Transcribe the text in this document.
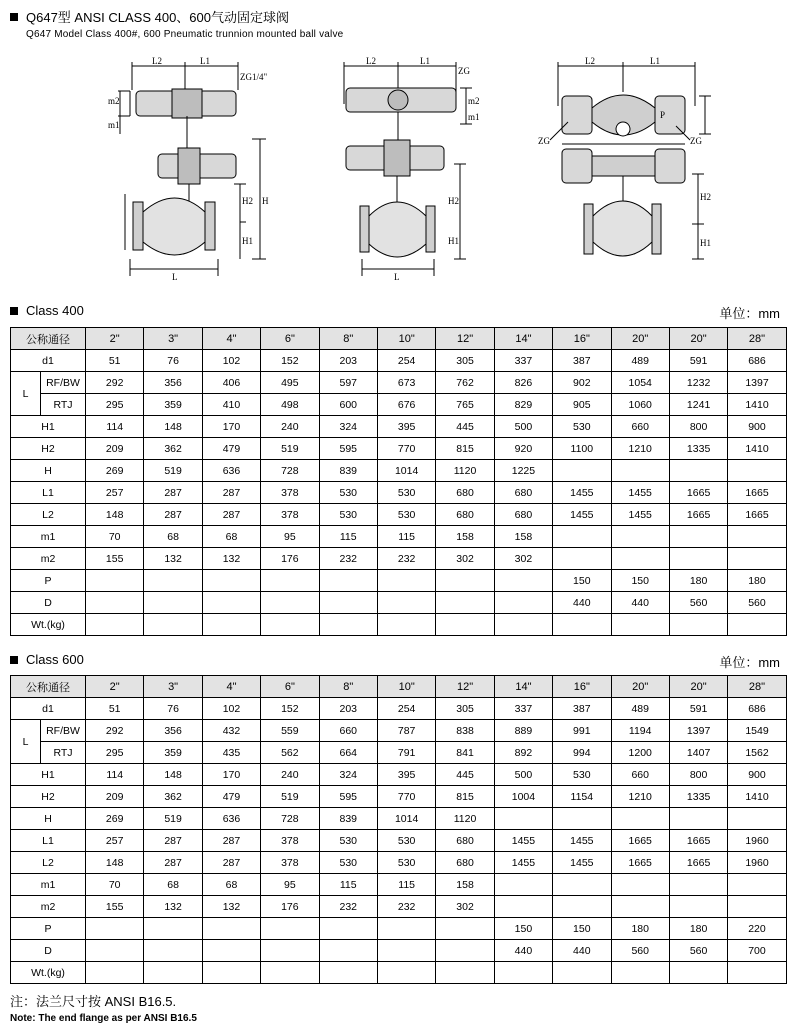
Q647型 ANSI CLASS 400、600气动固定球阀
Q647 Model Class 400#, 600 Pneumatic trunnion mounted ball valve
L2	L1
ZG1/4"
m2
m1
H
H2
H1
L
L2	L1
ZG
m2
m1
H2
H1
L
L2	L1
P
ZG	ZG
H2
H1
Class 400	单位：mm
公称通径		2"	3"	4"	6"	8"	10"	12"	14"	16"	20"	20"	28"
d1		51	76	102	152	203	254	305	337	387	489	591	686
L	RF/BW	292	356	406	495	597	673	762	826	902	1054	1232	1397
	RTJ	295	359	410	498	600	676	765	829	905	1060	1241	1410
H1		114	148	170	240	324	395	445	500	530	660	800	900
H2		209	362	479	519	595	770	815	920	1100	1210	1335	1410
H		269	519	636	728	839	1014	1120	1225				
L1		257	287	287	378	530	530	680	680	1455	1455	1665	1665
L2		148	287	287	378	530	530	680	680	1455	1455	1665	1665
m1		70	68	68	95	115	115	158	158				
m2		155	132	132	176	232	232	302	302				
P										150	150	180	180
D										440	440	560	560
Wt.(kg)													
Class 600	单位：mm
公称通径		2"	3"	4"	6"	8"	10"	12"	14"	16"	20"	20"	28"
d1		51	76	102	152	203	254	305	337	387	489	591	686
L	RF/BW	292	356	432	559	660	787	838	889	991	1194	1397	1549
	RTJ	295	359	435	562	664	791	841	892	994	1200	1407	1562
H1		114	148	170	240	324	395	445	500	530	660	800	900
H2		209	362	479	519	595	770	815	1004	1154	1210	1335	1410
H		269	519	636	728	839	1014	1120					
L1		257	287	287	378	530	530	680	1455	1455	1665	1665	1960
L2		148	287	287	378	530	530	680	1455	1455	1665	1665	1960
m1		70	68	68	95	115	115	158					
m2		155	132	132	176	232	232	302					
P									150	150	180	180	220
D									440	440	560	560	700
Wt.(kg)													
注：法兰尺寸按 ANSI B16.5.
Note: The end flange as per ANSI B16.5
